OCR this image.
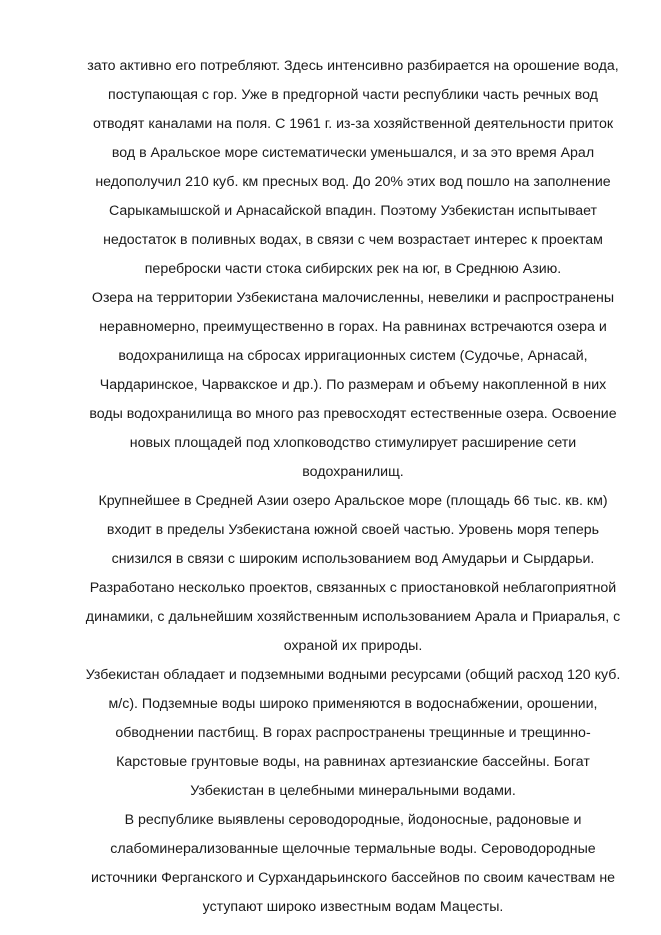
зато активно его потребляют. Здесь интенсивно разбирается на орошение вода,
поступающая с гор. Уже в предгорной части республики часть речных вод
отводят каналами на поля. С 1961 г. из-за хозяйственной деятельности приток
вод в Аральское море систематически уменьшался, и за это время Арал
недополучил 210 куб. км пресных вод. До 20% этих вод пошло на заполнение
Сарыкамышской и Арнасайской впадин. Поэтому Узбекистан испытывает
недостаток в поливных водах, в связи с чем возрастает интерес к проектам
переброски части стока сибирских рек на юг, в Среднюю Азию.
Озера на территории Узбекистана малочисленны, невелики и распространены
неравномерно, преимущественно в горах. На равнинах встречаются озера и
водохранилища на сбросах ирригационных систем (Судочье, Арнасай,
Чардаринское, Чарвакское и др.). По размерам и объему накопленной в них
воды водохранилища во много раз превосходят естественные озера. Освоение
новых площадей под хлопководство стимулирует расширение сети
водохранилищ.
Крупнейшее в Средней Азии озеро Аральское море (площадь 66 тыс. кв. км)
входит в пределы Узбекистана южной своей частью. Уровень моря теперь
снизился в связи с широким использованием вод Амударьи и Сырдарьи.
Разработано несколько проектов, связанных с приостановкой неблагоприятной
динамики, с дальнейшим хозяйственным использованием Арала и Приаралья, с
охраной их природы.
Узбекистан обладает и подземными водными ресурсами (общий расход 120 куб.
м/с). Подземные воды широко применяются в водоснабжении, орошении,
обводнении пастбищ. В горах распространены трещинные и трещинно-
Карстовые грунтовые воды, на равнинах артезианские бассейны. Богат
Узбекистан в целебными минеральными водами.
В республике выявлены сероводородные, йодоносные, радоновые и
слабоминерализованные щелочные термальные воды. Сероводородные
источники Ферганского и Сурхандарьинского бассейнов по своим качествам не
уступают широко известным водам Мацесты.
